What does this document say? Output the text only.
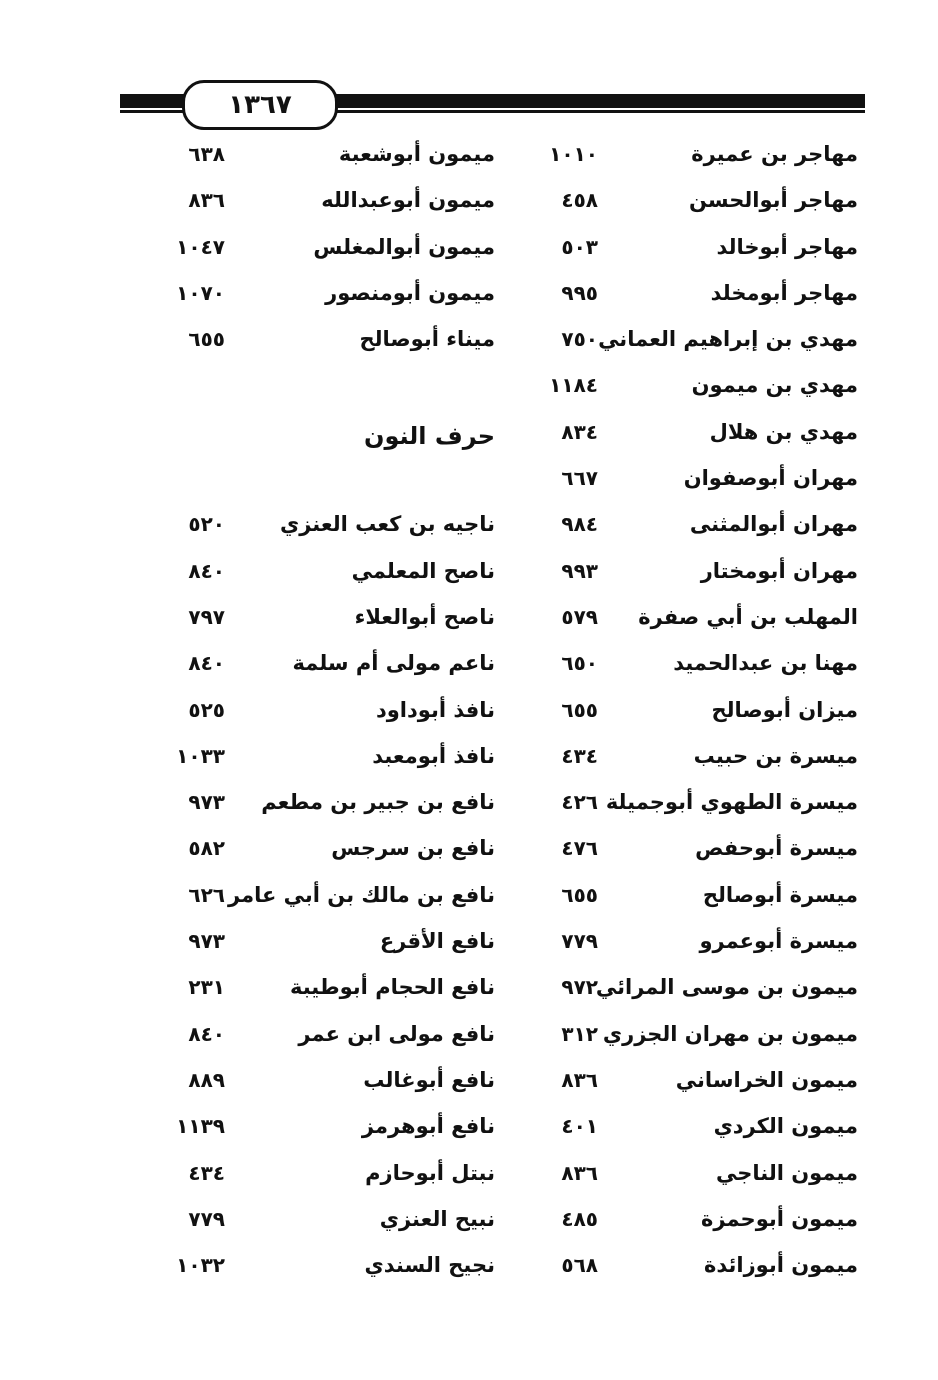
١٣٦٧
مهاجر بن عميرة
١٠١٠
مهاجر أبوالحسن
٤٥٨
مهاجر أبوخالد
٥٠٣
مهاجر أبومخلد
٩٩٥
مهدي بن إبراهيم العماني
٧٥٠
مهدي بن ميمون
١١٨٤
مهدي بن هلال
٨٣٤
مهران أبوصفوان
٦٦٧
مهران أبوالمثنى
٩٨٤
مهران أبومختار
٩٩٣
المهلب بن أبي صفرة
٥٧٩
مهنا بن عبدالحميد
٦٥٠
ميزان أبوصالح
٦٥٥
ميسرة بن حبيب
٤٣٤
ميسرة الطهوي أبوجميلة
٤٢٦
ميسرة أبوحفص
٤٧٦
ميسرة أبوصالح
٦٥٥
ميسرة أبوعمرو
٧٧٩
ميمون بن موسى المرائي
٩٧٢
ميمون بن مهران الجزري
٣١٢
ميمون الخراساني
٨٣٦
ميمون الكردي
٤٠١
ميمون الناجي
٨٣٦
ميمون أبوحمزة
٤٨٥
ميمون أبوزائدة
٥٦٨
ميمون أبوشعبة
٦٣٨
ميمون أبوعبدالله
٨٣٦
ميمون أبوالمغلس
١٠٤٧
ميمون أبومنصور
١٠٧٠
ميناء أبوصالح
٦٥٥
حرف النون
ناجيه بن كعب العنزي
٥٢٠
ناصح المعلمي
٨٤٠
ناصح أبوالعلاء
٧٩٧
ناعم مولى أم سلمة
٨٤٠
نافذ أبوداود
٥٢٥
نافذ أبومعبد
١٠٣٣
نافع بن جبير بن مطعم
٩٧٣
نافع بن سرجس
٥٨٢
نافع بن مالك بن أبي عامر
٦٢٦
نافع الأقرع
٩٧٣
نافع الحجام أبوطيبة
٢٣١
نافع مولى ابن عمر
٨٤٠
نافع أبوغالب
٨٨٩
نافع أبوهرمز
١١٣٩
نبتل أبوحازم
٤٣٤
نبيح العنزي
٧٧٩
نجيح السندي
١٠٣٢
